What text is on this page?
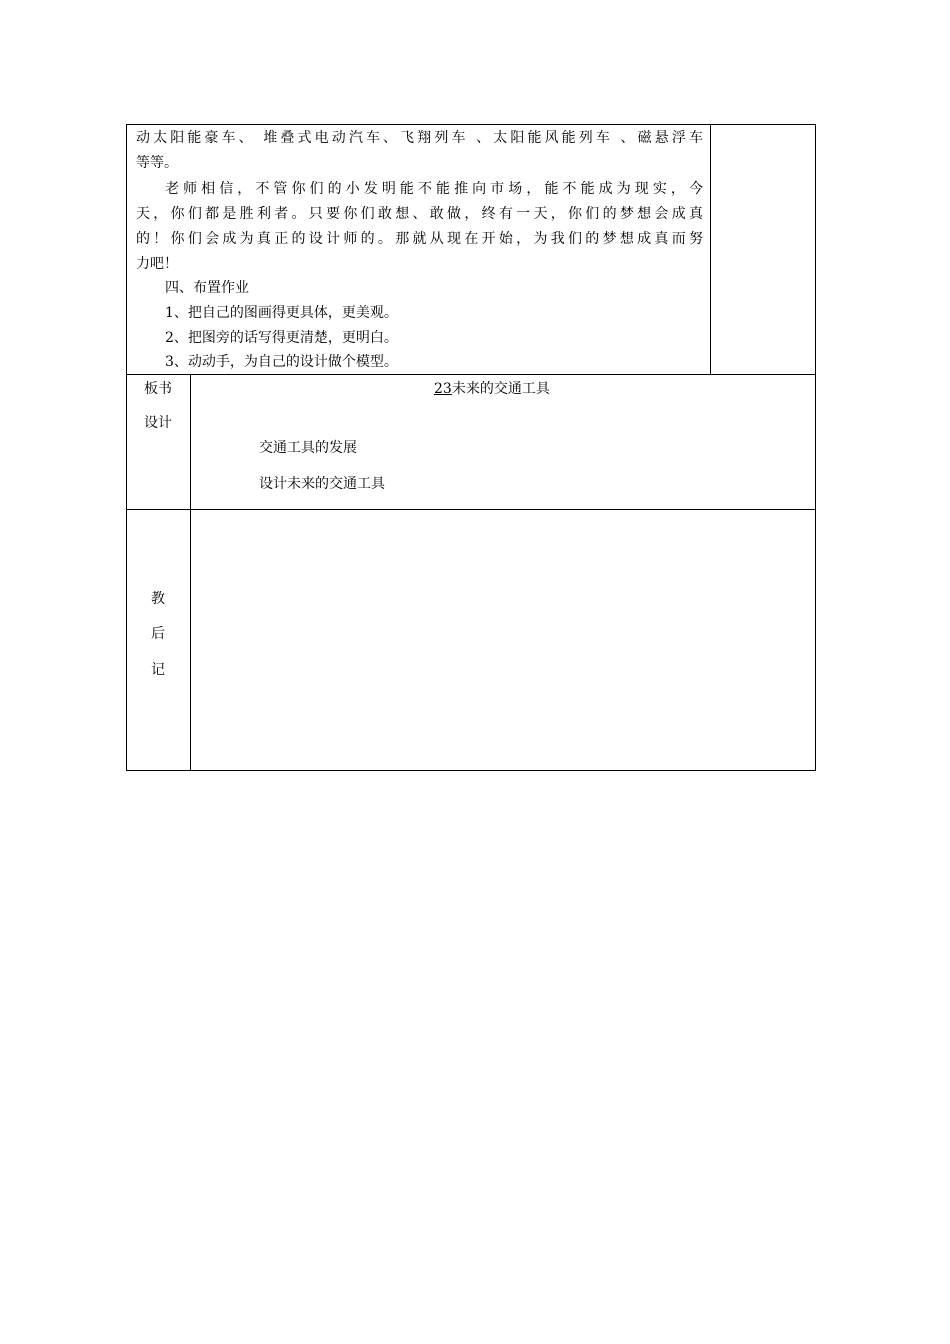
动太阳能豪车、 堆叠式电动汽车、飞翔列车 、太阳能风能列车 、磁悬浮车
等等。
老师相信，不管你们的小发明能不能推向市场，能不能成为现实，今
天，你们都是胜利者。只要你们敢想、敢做，终有一天，你们的梦想会成真
的！你们会成为真正的设计师的。那就从现在开始，为我们的梦想成真而努
力吧！
四、布置作业
1、把自己的图画得更具体，更美观。
2、把图旁的话写得更清楚，更明白。
3、动动手，为自己的设计做个模型。
板书
设计
23未来的交通工具
交通工具的发展
设计未来的交通工具
教
后
记
